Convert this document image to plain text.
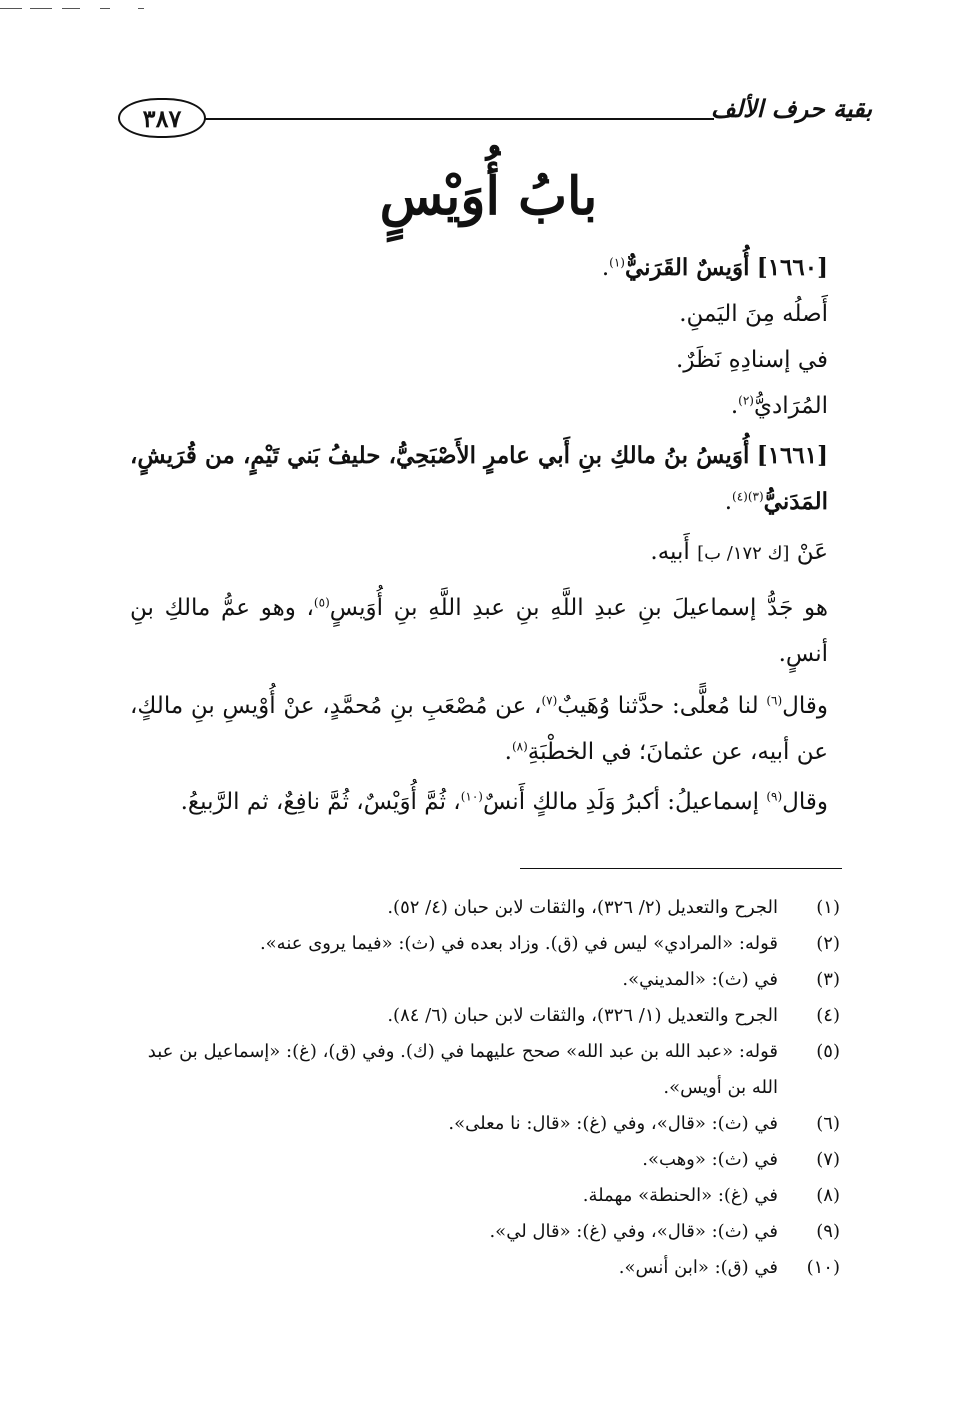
٣٨٧	بقية حرف الألف
بابُ أُوَيْسٍ

[١٦٦٠] أُوَيسٌ القَرَنيٌّ$^{(١)}$.

أَصلُه مِنَ اليَمنِ.

في إسنادِهِ نَظَرٌ.

المُرَاديُّ$^{(٢)}$.

[١٦٦١] أُوَيسُ بنُ مالكِ بنِ أَبي عامرٍ الأَصْبَحِيُّ، حليفُ بَني تَيْمٍ، من قُرَيشٍ، المَدَنيُّ$^{(٣)(٤)}$.

عَنْ [ك ١٧٢/ ب] أَبيه.

هو جَدُّ إسماعيلَ بنِ عبدِ اللَّهِ بنِ عبدِ اللَّهِ بنِ أُوَيسٍ$^{(٥)}$، وهو عمُّ مالكِ بنِ أنسٍ.

وقال$^{(٦)}$ لنا مُعلًّى: حدَّثنا وُهَيبٌ$^{(٧)}$، عن مُصْعَبِ بنِ مُحمَّدٍ، عنْ أُوْيسِ بنِ مالكٍ، عن أبيه، عن عثمانَ؛ في الخطْبَةِ$^{(٨)}$.

وقال$^{(٩)}$ إسماعيلُ: أكبرُ وَلَدِ مالكٍ أَنسٌ$^{(١٠)}$، ثُمَّ أُوَيْسٌ، ثُمَّ نافِعٌ، ثم الرَّبيعُ.

(١)
الجرح والتعديل (٢/ ٣٢٦)، والثقات لابن حبان (٤/ ٥٢).
(٢)
قوله: «المرادي» ليس في (ق). وزاد بعده في (ث): «فيما يروى عنه».
(٣)
في (ث): «المديني».
(٤)
الجرح والتعديل (١/ ٣٢٦)، والثقات لابن حبان (٦/ ٨٤).
(٥)
قوله: «عبد الله بن عبد الله» صحح عليهما في (ك). وفي (ق)، (غ): «إسماعيل بن عبد الله بن أويس».
(٦)
في (ث): «قال»، وفي (غ): «قال: نا معلى».
(٧)
في (ث): «وهب».
(٨)
في (غ): «الحنطة» مهملة.
(٩)
في (ث): «قال»، وفي (غ): «قال لي».
(١٠)
في (ق): «ابن أنس».
